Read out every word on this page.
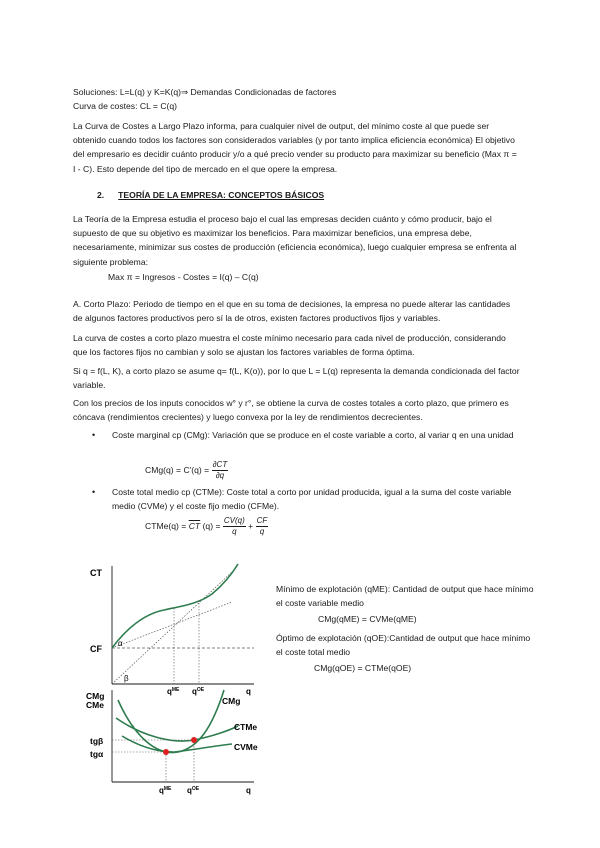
Soluciones: L=L(q) y K=K(q)⇒ Demandas Condicionadas de factores
Curva de costes: CL = C(q)
La Curva de Costes a Largo Plazo informa, para cualquier nivel de output, del mínimo coste al que puede ser obtenido cuando todos los factores son considerados variables (y por tanto implica eficiencia económica) El objetivo del empresario es decidir cuánto producir y/o a qué precio vender su producto para maximizar su beneficio (Max π = I - C). Esto depende del tipo de mercado en el que opere la empresa.
2. TEORÍA DE LA EMPRESA: CONCEPTOS BÁSICOS
La Teoría de la Empresa estudia el proceso bajo el cual las empresas deciden cuánto y cómo producir, bajo el supuesto de que su objetivo es maximizar los beneficios. Para maximizar beneficios, una empresa debe, necesariamente, minimizar sus costes de producción (eficiencia económica), luego cualquier empresa se enfrenta al siguiente problema:
Max π = Ingresos - Costes = I(q) – C(q)
A. Corto Plazo: Periodo de tiempo en el que en su toma de decisiones, la empresa no puede alterar las cantidades de algunos factores productivos pero sí la de otros, existen factores productivos fijos y variables.
La curva de costes a corto plazo muestra el coste mínimo necesario para cada nivel de producción, considerando que los factores fijos no cambian y solo se ajustan los factores variables de forma óptima.
Si q = f(L, K), a corto plazo se asume q= f(L, K(o)), por lo que L = L(q) representa la demanda condicionada del factor variable.
Con los precios de los inputs conocidos w° y r°, se obtiene la curva de costes totales a corto plazo, que primero es cóncava (rendimientos crecientes) y luego convexa por la ley de rendimientos decrecientes.
• Coste marginal cp (CMg): Variación que se produce en el coste variable a corto, al variar q en una unidad
$CMg(q) = C'(q) = \frac{\partial CT}{\partial q}$
• Coste total medio cp (CTMe): Coste total a corto por unidad producida, igual a la suma del coste variable medio (CVMe) y el coste fijo medio (CFMe).
CTMe(q) = $\overline{CT}$ $(q) = \frac{CV(q)}{q} + \frac{CF}{q}$
CT
CF
α
β
$q^{ME}$ $q^{OE}$	q
CMg
CMe	CMg
CTMe
CVMe
tgβ
tgα
$q^{ME}$ $q^{OE}$	q
Mínimo de explotación (qME): Cantidad de output que hace mínimo el coste variable medio
CMg(qME) = CVMe(qME)
Óptimo de explotación (qOE):Cantidad de output que hace mínimo el coste total medio
CMg(qOE) = CTMe(qOE)
